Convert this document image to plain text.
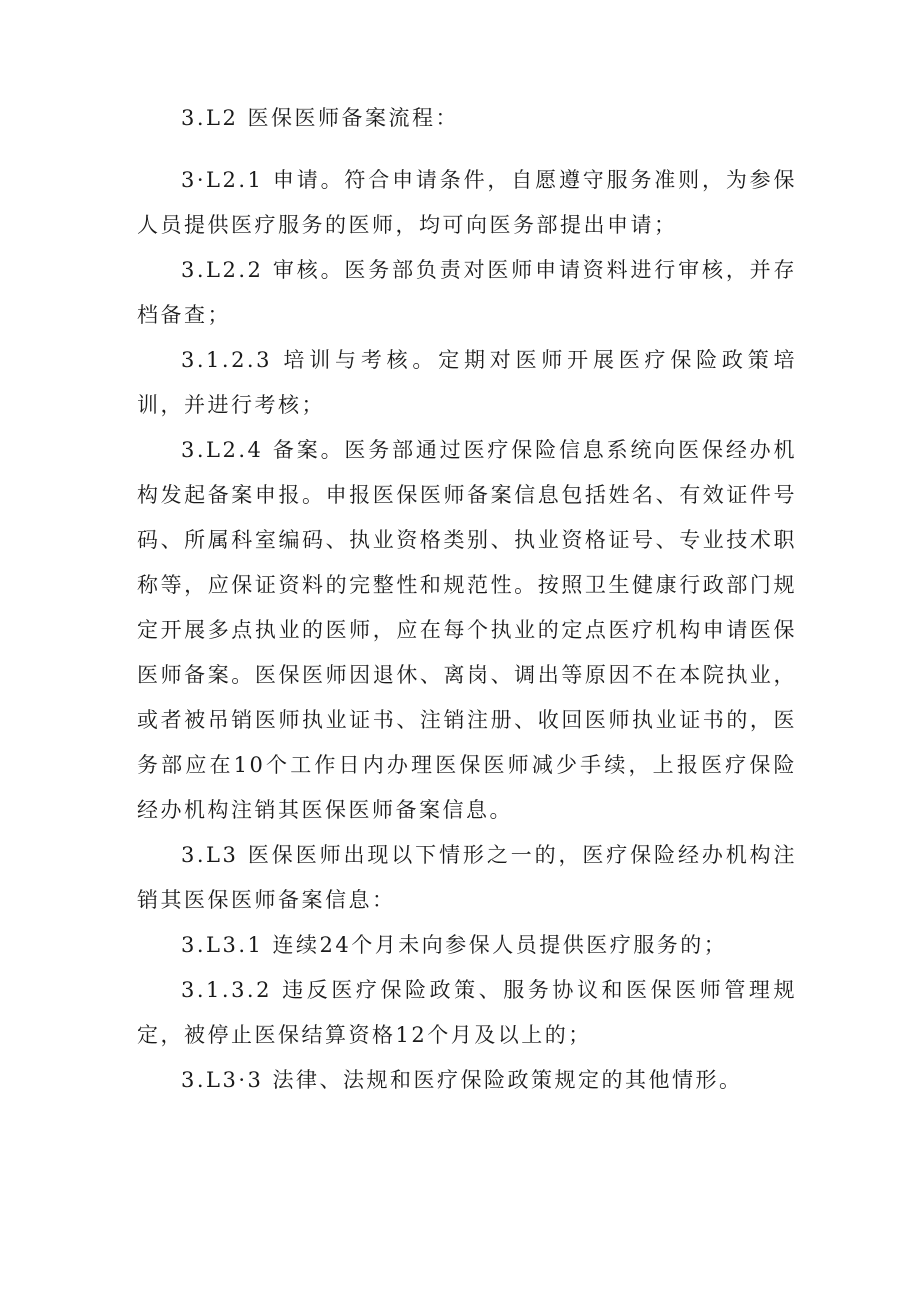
3.L2 医保医师备案流程：

3·L2.1 申请。符合申请条件，自愿遵守服务准则，为参保人员提供医疗服务的医师，均可向医务部提出申请；

3.L2.2 审核。医务部负责对医师申请资料进行审核，并存档备查；

3.1.2.3 培训与考核。定期对医师开展医疗保险政策培训，并进行考核；

3.L2.4 备案。医务部通过医疗保险信息系统向医保经办机构发起备案申报。申报医保医师备案信息包括姓名、有效证件号码、所属科室编码、执业资格类别、执业资格证号、专业技术职称等，应保证资料的完整性和规范性。按照卫生健康行政部门规定开展多点执业的医师，应在每个执业的定点医疗机构申请医保医师备案。医保医师因退休、离岗、调出等原因不在本院执业，或者被吊销医师执业证书、注销注册、收回医师执业证书的，医务部应在10个工作日内办理医保医师减少手续，上报医疗保险经办机构注销其医保医师备案信息。

3.L3 医保医师出现以下情形之一的，医疗保险经办机构注销其医保医师备案信息：

3.L3.1 连续24个月未向参保人员提供医疗服务的；

3.1.3.2 违反医疗保险政策、服务协议和医保医师管理规定，被停止医保结算资格12个月及以上的；

3.L3·3 法律、法规和医疗保险政策规定的其他情形。
